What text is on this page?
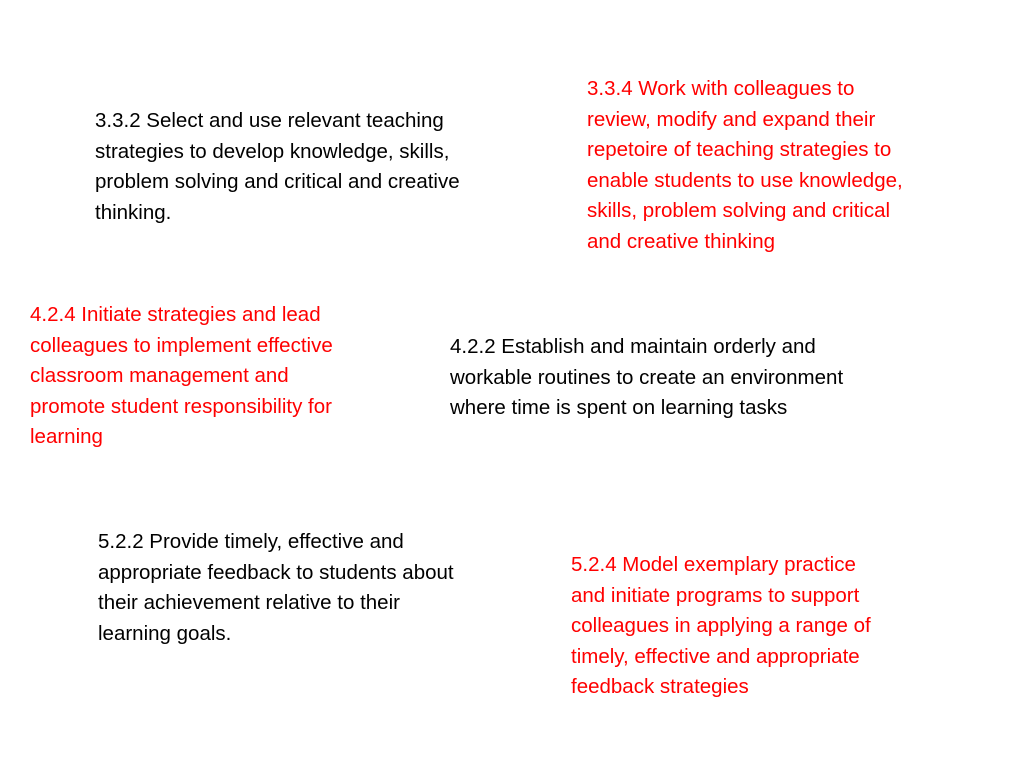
3.3.2 Select and use relevant teaching
strategies to develop knowledge, skills,
problem solving and critical and creative
thinking.

3.3.4 Work with colleagues to
review, modify and expand their
repetoire of teaching strategies to
enable students to use knowledge,
skills, problem solving and critical
and creative thinking

4.2.4 Initiate strategies and lead
colleagues to implement effective
classroom management and
promote student responsibility for
learning

4.2.2 Establish and maintain orderly and
workable routines to create an environment
where time is spent on learning tasks

5.2.2 Provide timely, effective and
appropriate feedback to students about
their achievement relative to their
learning goals.

5.2.4 Model exemplary practice
and initiate programs to support
colleagues in applying a range of
timely, effective and appropriate
feedback strategies
